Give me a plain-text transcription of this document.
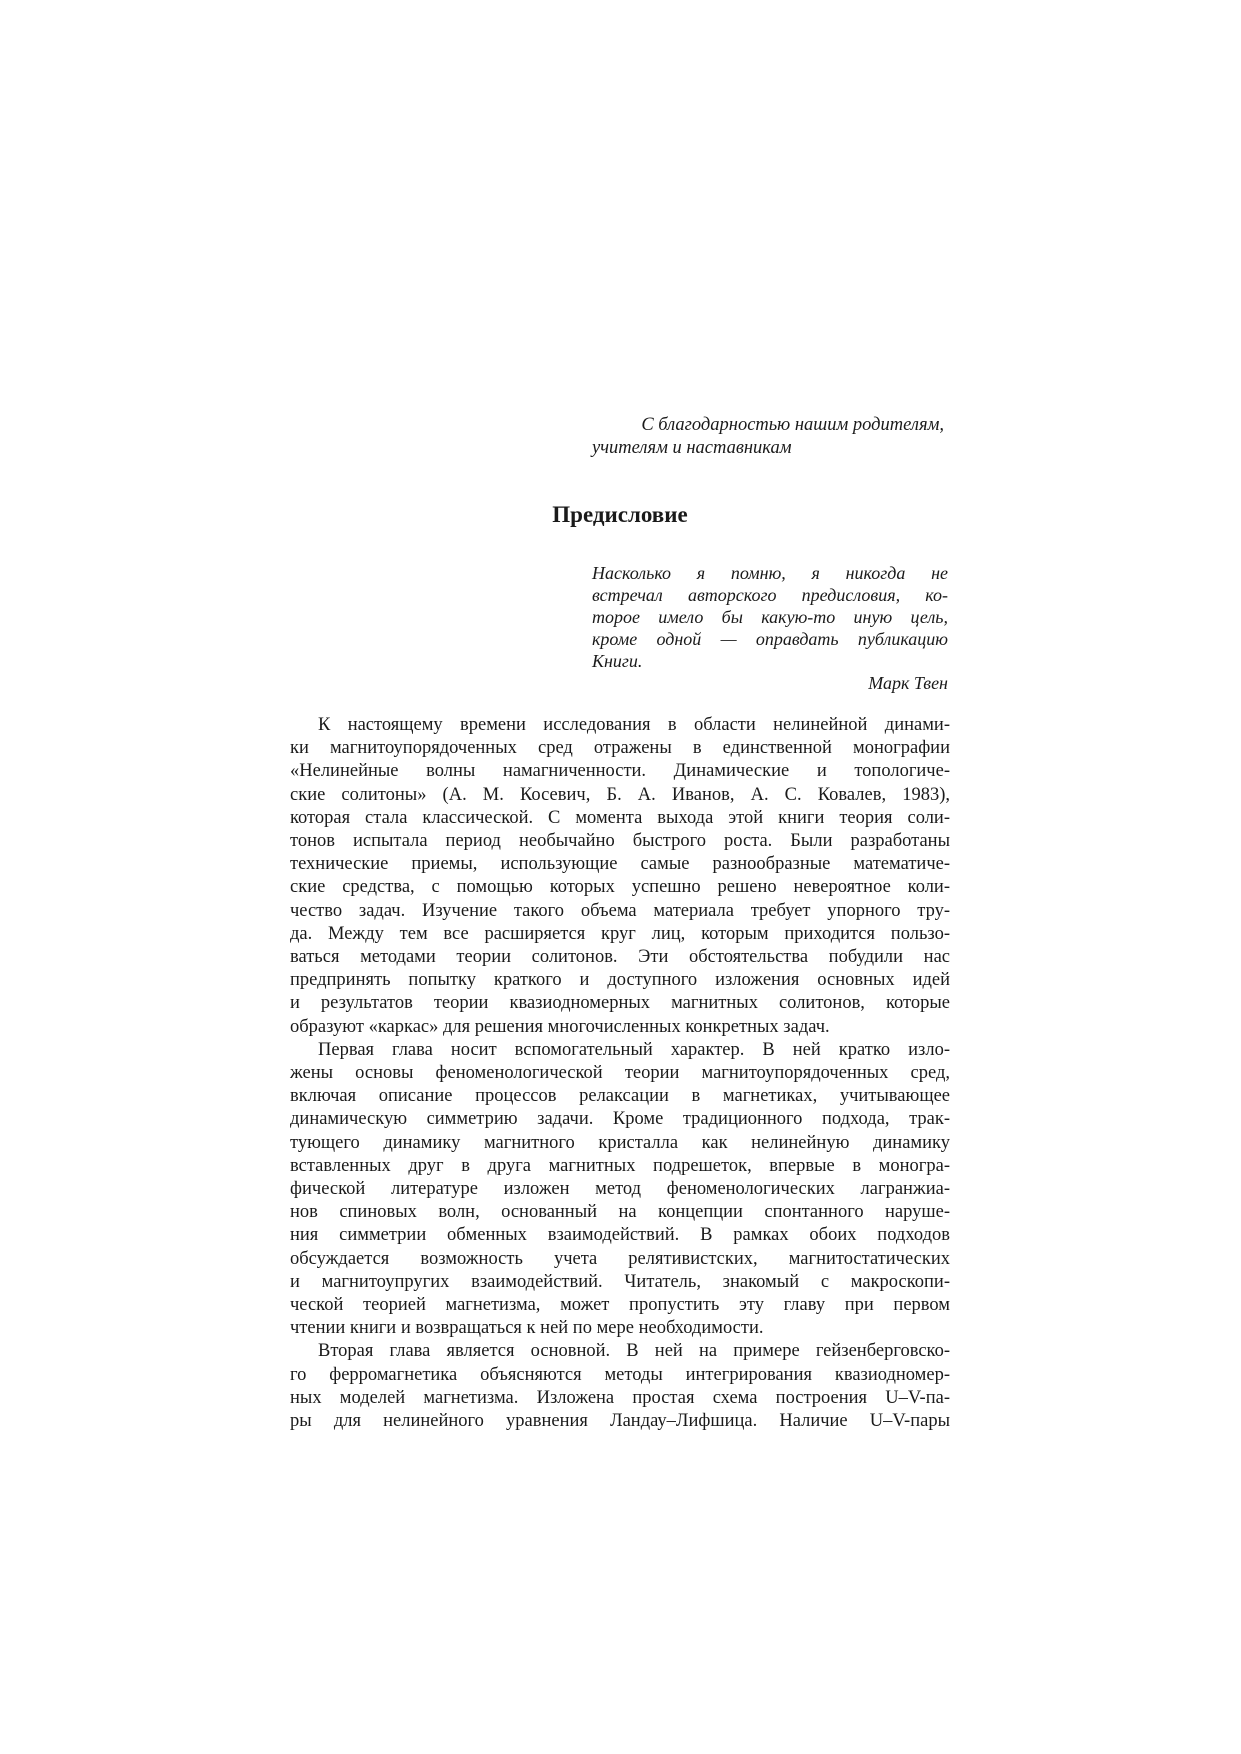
С благодарностью нашим родителям,
учителям и наставникам
Предисловие
Насколько я помню, я никогда не
встречал авторского предисловия, ко-
торое имело бы какую-то иную цель,
кроме одной — оправдать публикацию
Книги.
Марк Твен
К настоящему времени исследования в области нелинейной динами-
ки магнитоупорядоченных сред отражены в единственной монографии
«Нелинейные волны намагниченности. Динамические и топологиче-
ские солитоны» (А. М. Косевич, Б. А. Иванов, А. С. Ковалев, 1983),
которая стала классической. С момента выхода этой книги теория соли-
тонов испытала период необычайно быстрого роста. Были разработаны
технические приемы, использующие самые разнообразные математиче-
ские средства, с помощью которых успешно решено невероятное коли-
чество задач. Изучение такого объема материала требует упорного тру-
да. Между тем все расширяется круг лиц, которым приходится пользо-
ваться методами теории солитонов. Эти обстоятельства побудили нас
предпринять попытку краткого и доступного изложения основных идей
и результатов теории квазиодномерных магнитных солитонов, которые
образуют «каркас» для решения многочисленных конкретных задач.
Первая глава носит вспомогательный характер. В ней кратко изло-
жены основы феноменологической теории магнитоупорядоченных сред,
включая описание процессов релаксации в магнетиках, учитывающее
динамическую симметрию задачи. Кроме традиционного подхода, трак-
тующего динамику магнитного кристалла как нелинейную динамику
вставленных друг в друга магнитных подрешеток, впервые в моногра-
фической литературе изложен метод феноменологических лагранжиа-
нов спиновых волн, основанный на концепции спонтанного наруше-
ния симметрии обменных взаимодействий. В рамках обоих подходов
обсуждается возможность учета релятивистских, магнитостатических
и магнитоупругих взаимодействий. Читатель, знакомый с макроскопи-
ческой теорией магнетизма, может пропустить эту главу при первом
чтении книги и возвращаться к ней по мере необходимости.
Вторая глава является основной. В ней на примере гейзенберговско-
го ферромагнетика объясняются методы интегрирования квазиодномер-
ных моделей магнетизма. Изложена простая схема построения U–V-па-
ры для нелинейного уравнения Ландау–Лифшица. Наличие U–V-пары
